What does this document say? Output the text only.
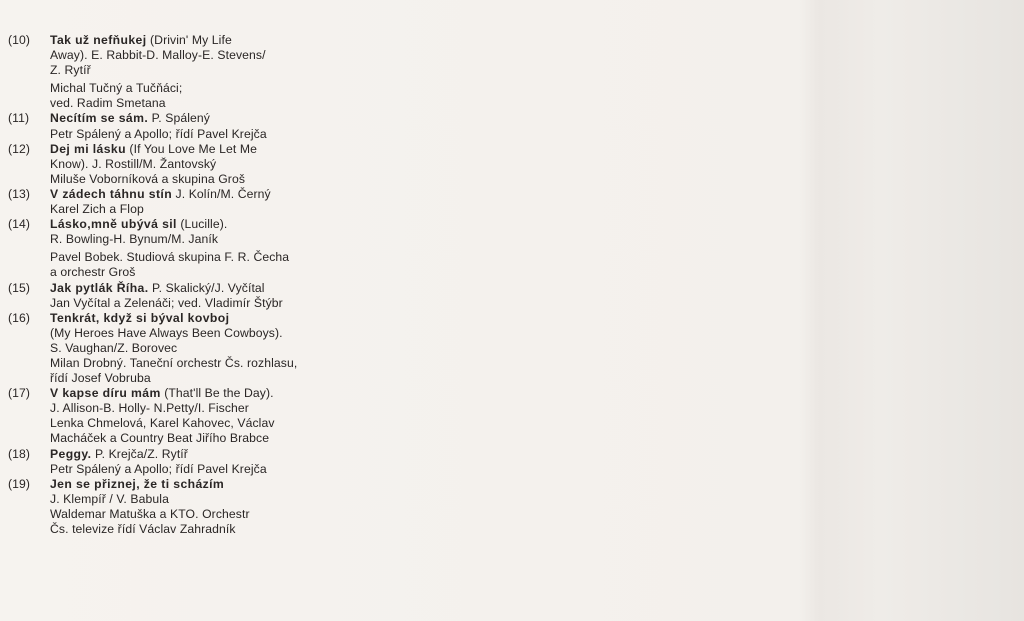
(10) Tak už nefňukej (Drivin' My Life
Away). E. Rabbit-D. Malloy-E. Stevens/
Z. Rytíř
Michal Tučný a Tučňáci;
ved. Radim Smetana
(11) Necítím se sám. P. Spálený
Petr Spálený a Apollo; řídí Pavel Krejča
(12) Dej mi lásku (If You Love Me Let Me
Know). J. Rostill/M. Žantovský
Miluše Voborníková a skupina Groš
(13) V zádech táhnu stín J. Kolín/M. Černý
Karel Zich a Flop
(14) Lásko,mně ubývá sil (Lucille).
R. Bowling-H. Bynum/M. Janík
Pavel Bobek. Studiová skupina F. R. Čecha
a orchestr Groš
(15) Jak pytlák Říha. P. Skalický/J. Vyčítal
Jan Vyčítal a Zelenáči; ved. Vladimír Štýbr
(16) Tenkrát, když si býval kovboj
(My Heroes Have Always Been Cowboys).
S. Vaughan/Z. Borovec
Milan Drobný. Taneční orchestr Čs. rozhlasu,
řídí Josef Vobruba
(17) V kapse díru mám (That'll Be the Day).
J. Allison-B. Holly- N.Petty/I. Fischer
Lenka Chmelová, Karel Kahovec, Václav
Macháček a Country Beat Jiřího Brabce
(18) Peggy. P. Krejča/Z. Rytíř
Petr Spálený a Apollo; řídí Pavel Krejča
(19) Jen se přiznej, že ti scházím
J. Klempíř / V. Babula
Waldemar Matuška a KTO. Orchestr
Čs. televize řídí Václav Zahradník
